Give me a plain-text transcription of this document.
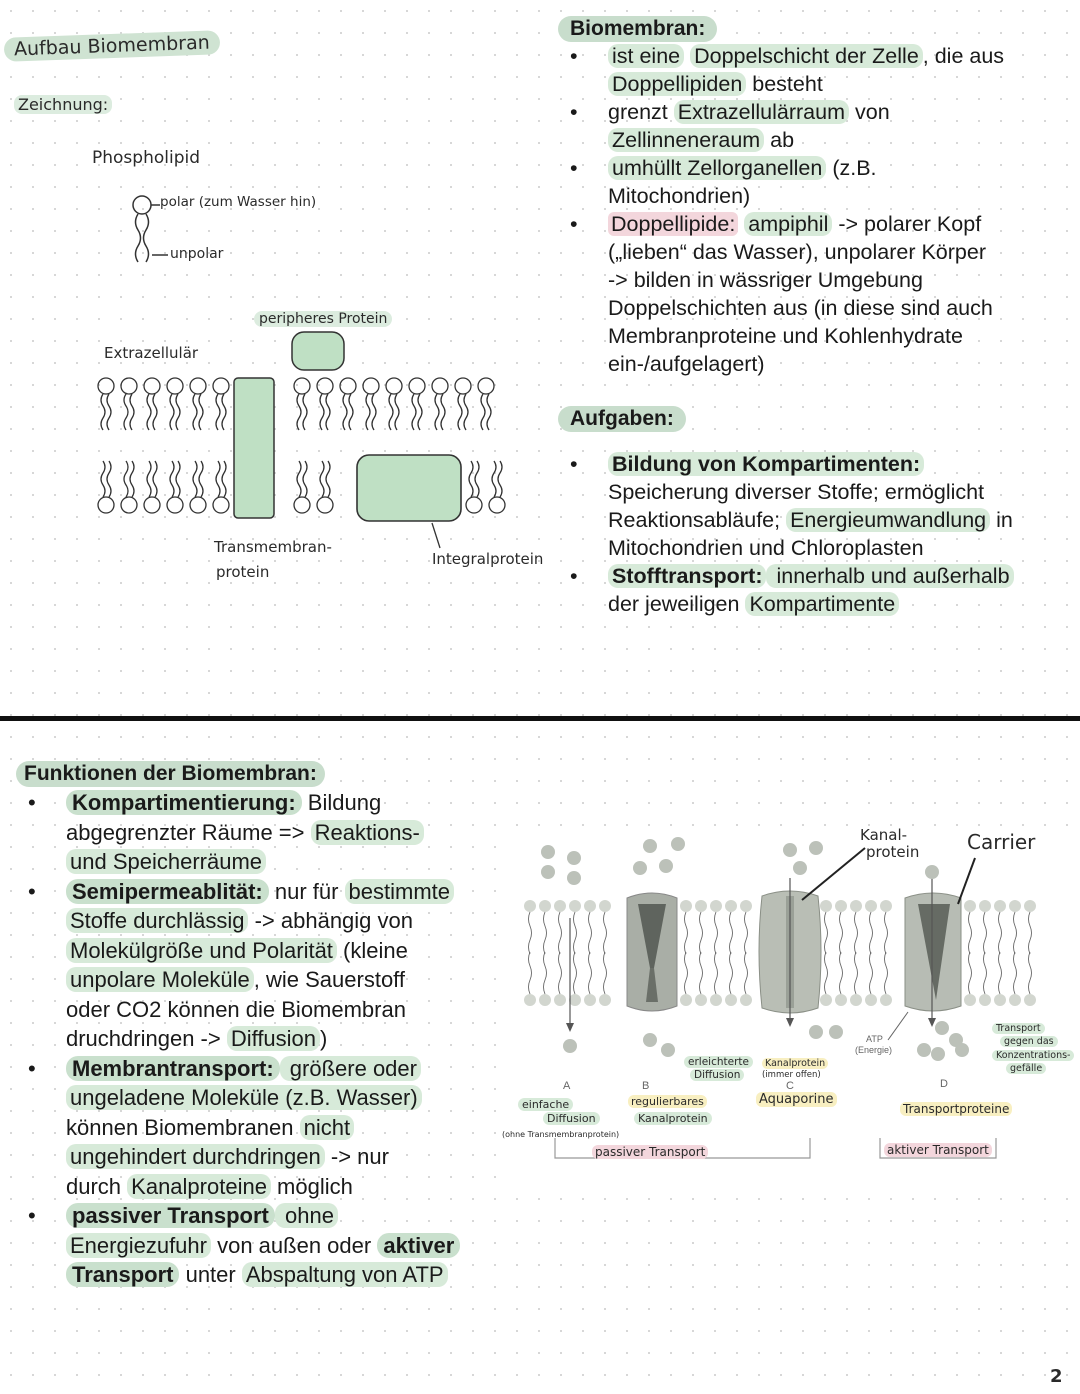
Aufbau Biomembran
Zeichnung:
Phospholipid
polar (zum Wasser hin)
unpolar
peripheres Protein
Extrazellulär
Transmembran-
protein
Integralprotein
Biomembran:
• ist eine Doppelschicht der Zelle , die aus
Doppellipiden besteht
• grenzt Extrazellulärraum von
Zellinneneraum ab
• umhüllt Zellorganellen (z.B.
Mitochondrien)
• Doppellipide: ampiphil -> polarer Kopf
(„lieben“ das Wasser), unpolarer Körper
-> bilden in wässriger Umgebung
Doppelschichten aus (in diese sind auch
Membranproteine und Kohlenhydrate
ein-/aufgelagert)
Aufgaben:
• Bildung von Kompartimenten:
Speicherung diverser Stoffe; ermöglicht
Reaktionsabläufe; Energieumwandlung in
Mitochondrien und Chloroplasten
• Stofftransport: innerhalb und außerhalb
der jeweiligen Kompartimente
Funktionen der Biomembran:
• Kompartimentierung: Bildung
abgegrenzter Räume => Reaktions-
und Speicherräume
• Semipermeablität: nur für bestimmte
Stoffe durchlässig -> abhängig von
Molekülgröße und Polarität (kleine
unpolare Moleküle , wie Sauerstoff
oder CO2 können die Biomembran
druchdringen -> Diffusion )
• Membrantransport: größere oder
ungeladene Moleküle (z.B. Wasser)
können Biomembranen nicht
ungehindert durchdringen -> nur
durch Kanalproteine möglich
• passiver Transport ohne
Energiezufuhr von außen oder aktiver
Transport unter Abspaltung von ATP
Kanal-
protein Carrier
A	B	C	D
einfache
Diffusion
(ohne Transmembranprotein)
regulierbares
Kanalprotein
erleichterte
Diffusion
Kanalprotein
(immer offen)
Aquaporine
ATP
(Energie)
Transportproteine
Transport
gegen das
Konzentrations-
gefälle
passiver Transport	aktiver Transport
2
